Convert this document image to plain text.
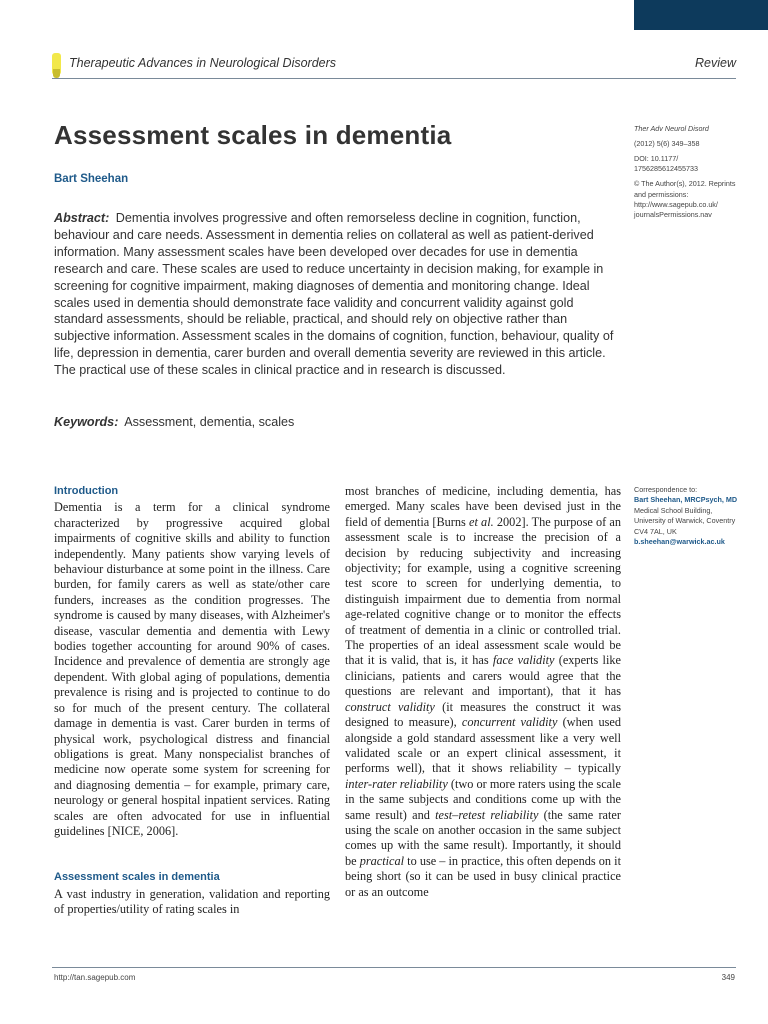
Therapeutic Advances in Neurological Disorders	Review
Assessment scales in dementia
Bart Sheehan
Abstract: Dementia involves progressive and often remorseless decline in cognition, function, behaviour and care needs. Assessment in dementia relies on collateral as well as patient-derived information. Many assessment scales have been developed over decades for use in dementia research and care. These scales are used to reduce uncertainty in decision making, for example in screening for cognitive impairment, making diagnoses of dementia and monitoring change. Ideal scales used in dementia should demonstrate face validity and concurrent validity against gold standard assessments, should be reliable, practical, and should rely on objective rather than subjective information. Assessment scales in the domains of cognition, function, behaviour, quality of life, depression in dementia, carer burden and overall dementia severity are reviewed in this article. The practical use of these scales in clinical practice and in research is discussed.
Keywords: Assessment, dementia, scales

Ther Adv Neurol Disord

(2012) 5(6) 349–358

DOI: 10.1177/ 1756285612455733

© The Author(s), 2012. Reprints and permissions: http://www.sagepub.co.uk/ journalsPermissions.nav

Correspondence to:

Bart Sheehan, MRCPsych, MD

Medical School Building, University of Warwick, Coventry CV4 7AL, UK

b.sheehan@warwick.ac.uk

Introduction

Dementia is a term for a clinical syndrome characterized by progressive acquired global impairments of cognitive skills and ability to function independently. Many patients show varying levels of behaviour disturbance at some point in the illness. Care burden, for family carers as well as state/other care funders, increases as the condition progresses. The syndrome is caused by many diseases, with Alzheimer's disease, vascular dementia and dementia with Lewy bodies together accounting for around 90% of cases. Incidence and prevalence of dementia are strongly age dependent. With global aging of populations, dementia prevalence is rising and is projected to continue to do so for much of the present century. The collateral damage in dementia is vast. Carer burden in terms of physical work, psychological distress and financial obligations is great. Many nonspecialist branches of medicine now operate some system for screening for and diagnosing dementia – for example, primary care, neurology or general hospital inpatient services. Rating scales are often advocated for use in influential guidelines [NICE, 2006].

Assessment scales in dementia

A vast industry in generation, validation and reporting of properties/utility of rating scales in

most branches of medicine, including dementia, has emerged. Many scales have been devised just in the field of dementia [Burns et al. 2002]. The purpose of an assessment scale is to increase the precision of a decision by reducing subjectivity and increasing objectivity; for example, using a cognitive screening test score to screen for underlying dementia, to distinguish impairment due to dementia from normal age-related cognitive change or to monitor the effects of treatment of dementia in a clinic or controlled trial. The properties of an ideal assessment scale would be that it is valid, that is, it has face validity (experts like clinicians, patients and carers would agree that the questions are relevant and important), that it has construct validity (it measures the construct it was designed to measure), concurrent validity (when used alongside a gold standard assessment like a very well validated scale or an expert clinical assessment, it performs well), that it shows reliability – typically inter-rater reliability (two or more raters using the scale in the same subjects and conditions come up with the same result) and test–retest reliability (the same rater using the scale on another occasion in the same subject comes up with the same result). Importantly, it should be practical to use – in practice, this often depends on it being short (so it can be used in busy clinical practice or as an outcome

http://tan.sagepub.com	349
